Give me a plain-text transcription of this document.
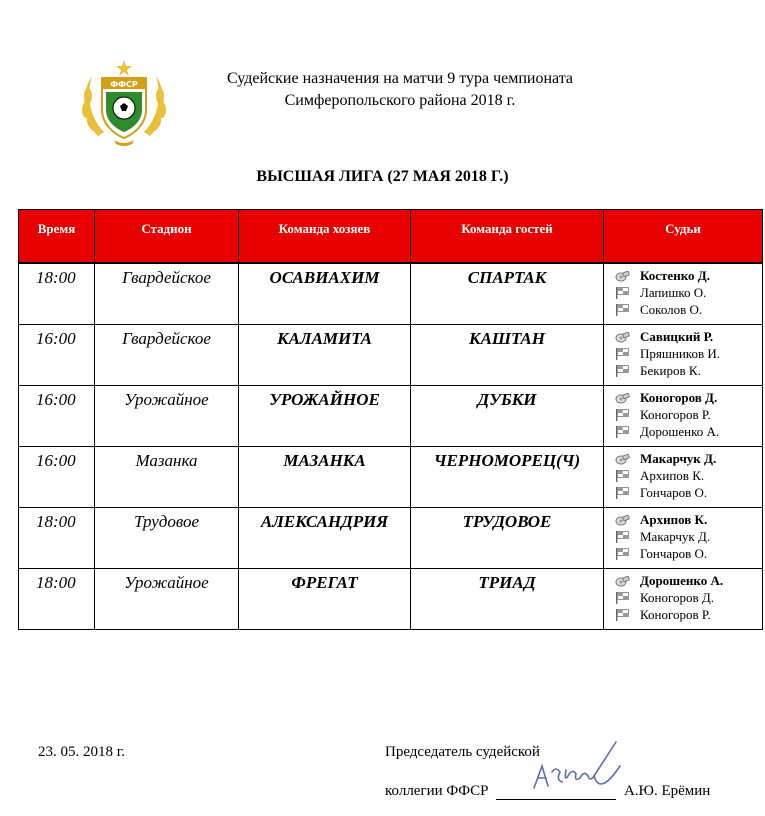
ФФСР	Судейские назначения на матчи 9 тура чемпионата
Симферопольского района 2018 г.
ВЫСШАЯ ЛИГА (27 МАЯ 2018 Г.)
Время	Стадион	Команда хозяев	Команда гостей	Судьи
18:00	Гвардейское	ОСАВИАХИМ	СПАРТАК	Костенко Д.
Лапишко О.
Соколов О.

16:00	Гвардейское	КАЛАМИТА	КАШТАН	Савицкий Р.
Пряшников И.
Бекиров К.

16:00	Урожайное	УРОЖАЙНОЕ	ДУБКИ	Коногоров Д.
Коногоров Р.
Дорошенко А.

16:00	Мазанка	МАЗАНКА	ЧЕРНОМОРЕЦ(Ч)	Макарчук Д.
Архипов К.
Гончаров О.

18:00	Трудовое	АЛЕКСАНДРИЯ	ТРУДОВОЕ	Архипов К.
Макарчук Д.
Гончаров О.

18:00	Урожайное	ФРЕГАТ	ТРИАД	Дорошенко А.
Коногоров Д.
Коногоров Р.
23. 05. 2018 г.	Председатель судейской
коллегии ФФСР	А.Ю. Ерёмин
